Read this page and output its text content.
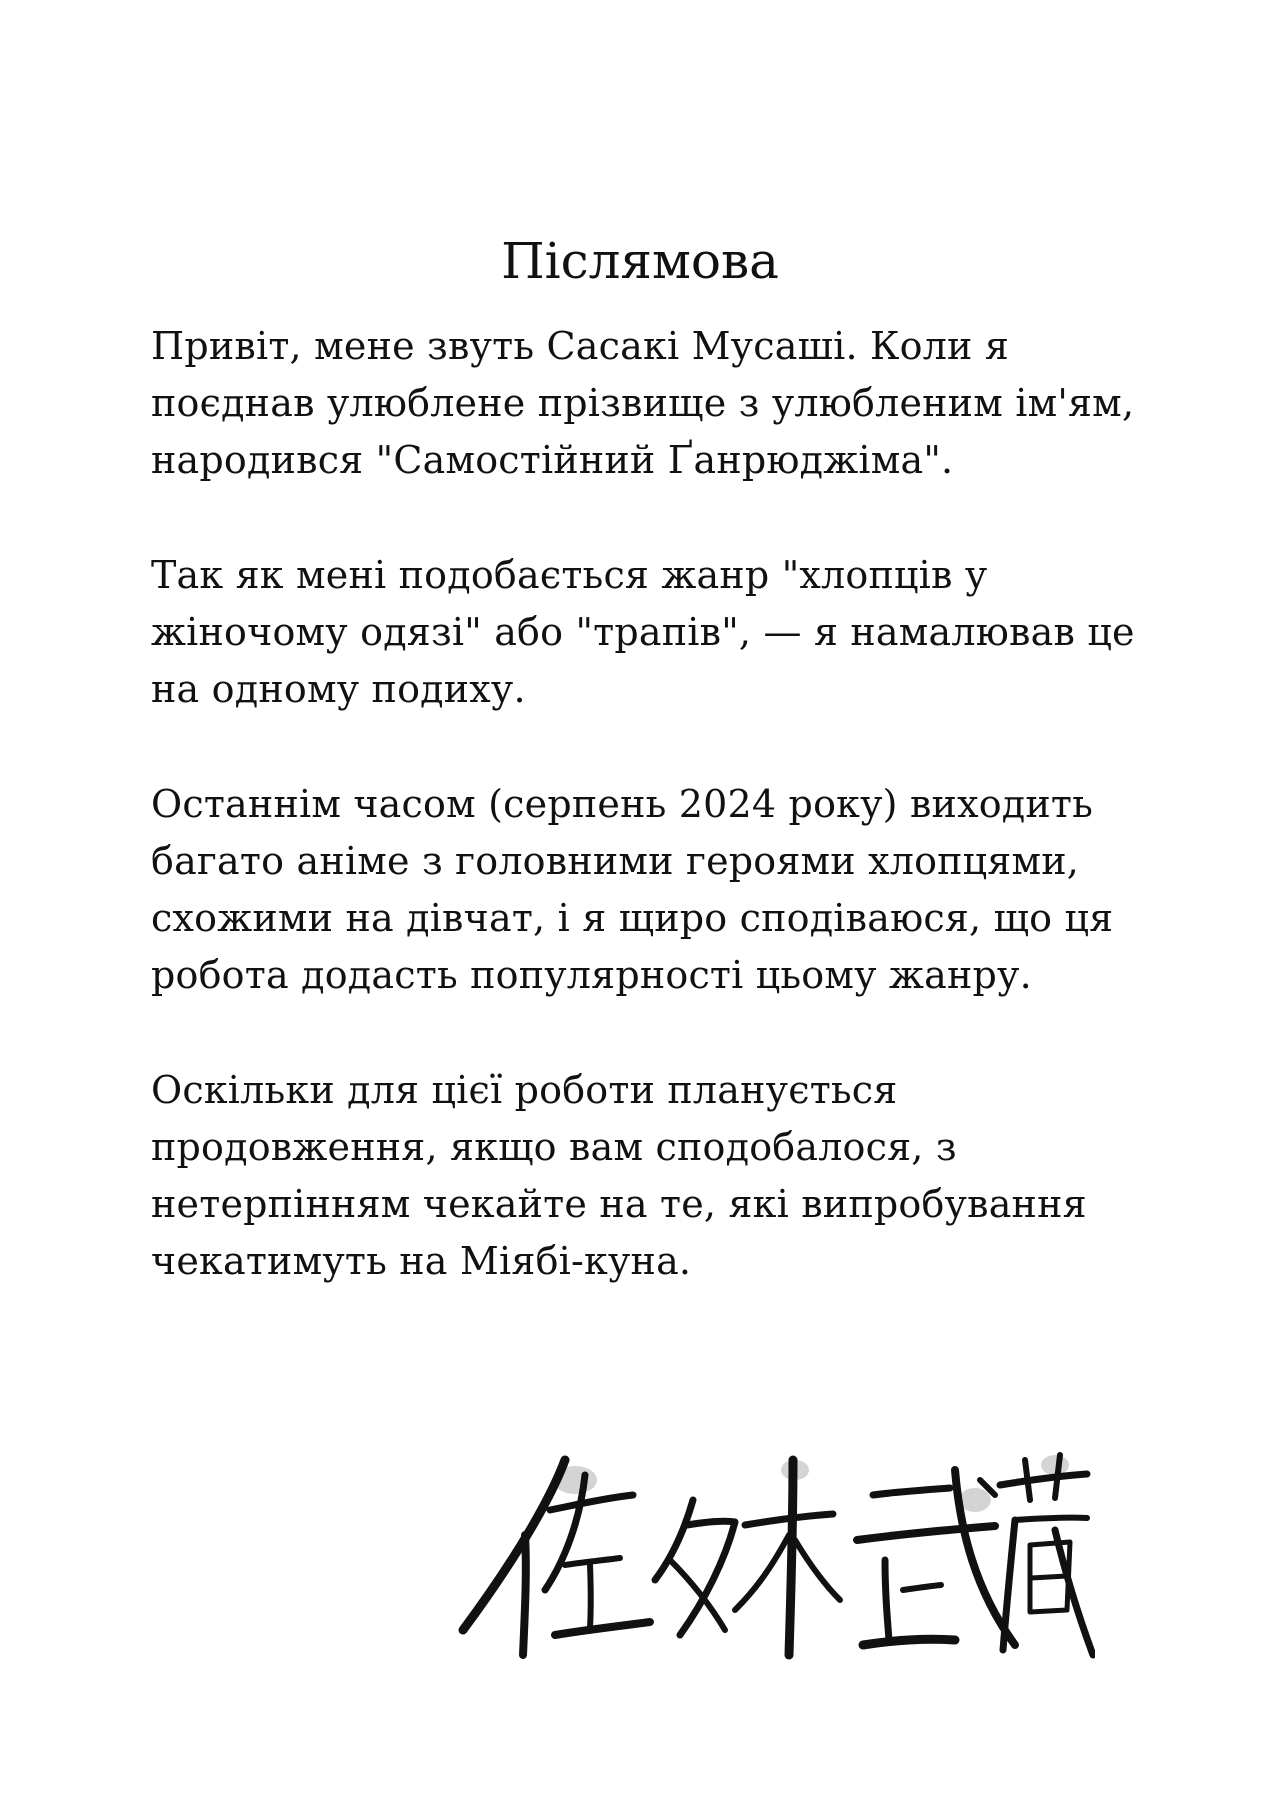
Післямова

Привіт, мене звуть Сасакі Мусаші. Коли я поєднав улюблене прізвище з улюбленим ім'ям, народився "Самостійний Ґанрюджіма".

Так як мені подобається жанр "хлопців у жіночому одязі" або "трапів", — я намалював це на одному подиху.

Останнім часом (серпень 2024 року) виходить багато аніме з головними героями хлопцями, схожими на дівчат, і я щиро сподіваюся, що ця робота додасть популярності цьому жанру.

Оскільки для цієї роботи планується продовження, якщо вам сподобалося, з нетерпінням чекайте на те, які випробування чекатимуть на Міябі-куна.
